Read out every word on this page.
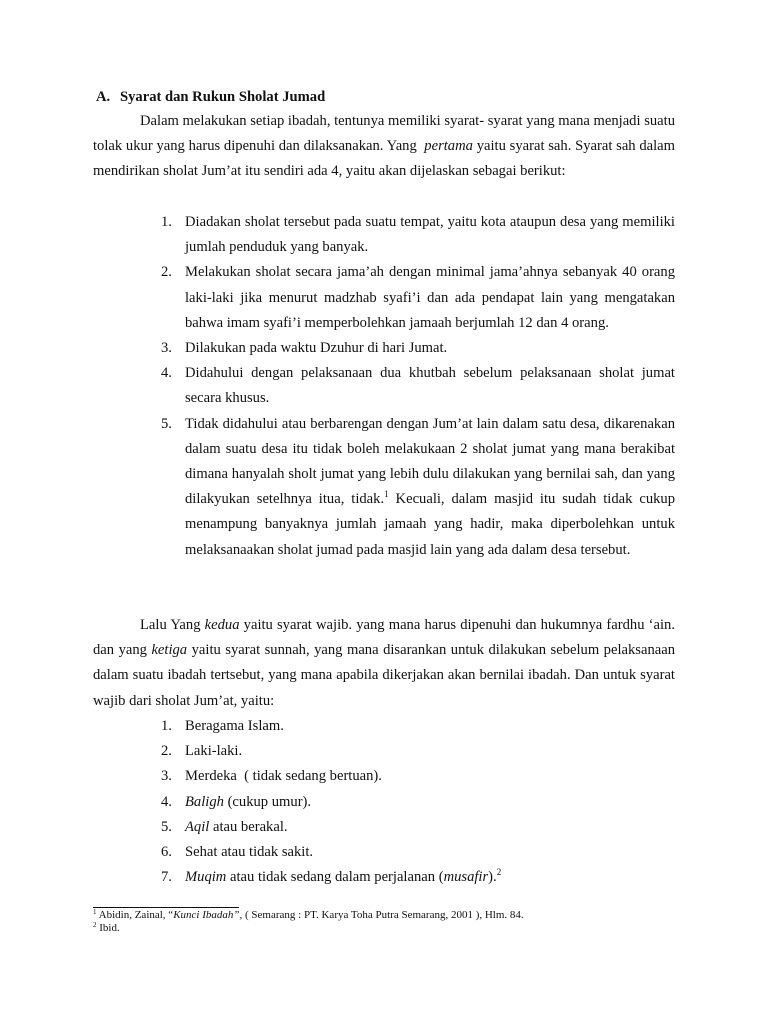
A. Syarat dan Rukun Sholat Jumad

Dalam melakukan setiap ibadah, tentunya memiliki syarat- syarat yang mana menjadi suatu tolak ukur yang harus dipenuhi dan dilaksanakan. Yang pertama yaitu syarat sah. Syarat sah dalam mendirikan sholat Jum’at itu sendiri ada 4, yaitu akan dijelaskan sebagai berikut:

1. Diadakan sholat tersebut pada suatu tempat, yaitu kota ataupun desa yang memiliki jumlah penduduk yang banyak.
2. Melakukan sholat secara jama’ah dengan minimal jama’ahnya sebanyak 40 orang laki-laki jika menurut madzhab syafi’i dan ada pendapat lain yang mengatakan bahwa imam syafi’i memperbolehkan jamaah berjumlah 12 dan 4 orang.
3. Dilakukan pada waktu Dzuhur di hari Jumat.
4. Didahului dengan pelaksanaan dua khutbah sebelum pelaksanaan sholat jumat secara khusus.
5. Tidak didahului atau berbarengan dengan Jum’at lain dalam satu desa, dikarenakan dalam suatu desa itu tidak boleh melakukaan 2 sholat jumat yang mana berakibat dimana hanyalah sholt jumat yang lebih dulu dilakukan yang bernilai sah, dan yang dilakyukan setelhnya itua, tidak.$^1$ Kecuali, dalam masjid itu sudah tidak cukup menampung banyaknya jumlah jamaah yang hadir, maka diperbolehkan untuk melaksanaakan sholat jumad pada masjid lain yang ada dalam desa tersebut.

Lalu Yang kedua yaitu syarat wajib. yang mana harus dipenuhi dan hukumnya fardhu ‘ain. dan yang ketiga yaitu syarat sunnah, yang mana disarankan untuk dilakukan sebelum pelaksanaan dalam suatu ibadah tertsebut, yang mana apabila dikerjakan akan bernilai ibadah. Dan untuk syarat wajib dari sholat Jum’at, yaitu:

1. Beragama Islam.
2. Laki-laki.
3. Merdeka  ( tidak sedang bertuan).
4. Baligh (cukup umur).
5. Aqil atau berakal.
6. Sehat atau tidak sakit.
7. Muqim atau tidak sedang dalam perjalanan (musafir).$^2$
$^1$ Abidin, Zainal, “Kunci Ibadah”, ( Semarang : PT. Karya Toha Putra Semarang, 2001 ), Hlm. 84.
$^2$ Ibid.
